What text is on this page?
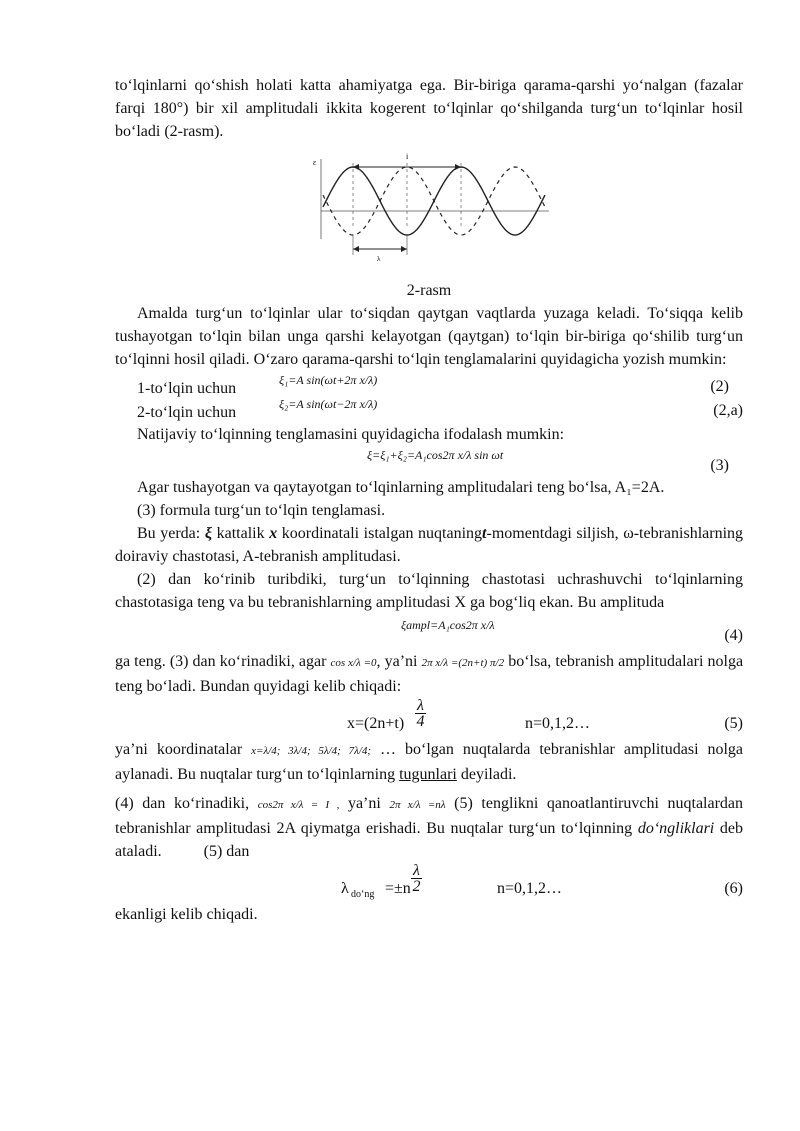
to‘lqinlarni qo‘shish holati katta ahamiyatga ega. Bir-biriga qarama-qarshi yo‘nalgan (fazalar farqi 180°) bir xil amplitudali ikkita kogerent to‘lqinlar qo‘shilganda turg‘un to‘lqinlar hosil bo‘ladi (2-rasm).

i
ε
λ
2-rasm

Amalda turg‘un to‘lqinlar ular to‘siqdan qaytgan vaqtlarda yuzaga keladi. To‘siqqa kelib tushayotgan to‘lqin bilan unga qarshi kelayotgan (qaytgan) to‘lqin bir-biriga qo‘shilib turg‘un to‘lqinni hosil qiladi. O‘zaro qarama-qarshi to‘lqin tenglamalarini quyidagicha yozish mumkin:

1-to‘lqin uchun	ξ₁=A sin(ωt+2π x/λ)	(2)
2-to‘lqin uchun	ξ₂=A sin(ωt−2π x/λ)	(2,a)

Natijaviy to‘lqinning tenglamasini quyidagicha ifodalash mumkin:

ξ=ξ₁+ξ₂=A₁cos2π x/λ sin ωt
(3)

Agar tushayotgan va qaytayotgan to‘lqinlarning amplitudalari teng bo‘lsa, A₁=2A.

(3) formula turg‘un to‘lqin tenglamasi.

Bu yerda: ξ kattalik x koordinatali istalgan nuqtaningt-momentdagi siljish, ω-tebranishlarning doiraviy chastotasi, A-tebranish amplitudasi.

(2) dan ko‘rinib turibdiki, turg‘un to‘lqinning chastotasi uchrashuvchi to‘lqinlarning chastotasiga teng va bu tebranishlarning amplitudasi X ga bog‘liq ekan. Bu amplituda

ξampl=A₁cos2π x/λ
(4)

ga teng. (3) dan ko‘rinadiki, agar cos x/λ =0, ya’ni 2π x/λ =(2n+t) π/2 bo‘lsa, tebranish amplitudalari nolga teng bo‘ladi. Bundan quyidagi kelib chiqadi:

$x=(2n+t) \frac{\lambda}{4}$	n=0,1,2…	(5)

ya’ni koordinatalar x=λ/4; 3λ/4; 5λ/4; 7λ/4; … bo‘lgan nuqtalarda tebranishlar amplitudasi nolga aylanadi. Bu nuqtalar turg‘un to‘lqinlarning tugunlari deyiladi.

(4) dan ko‘rinadiki, cos2π x/λ = I , ya’ni 2π x/λ =nλ (5) tenglikni qanoatlantiruvchi nuqtalardan tebranishlar amplitudasi 2A qiymatga erishadi. Bu nuqtalar turg‘un to‘lqinning do‘ngliklari deb ataladi.	(5) dan

λ do‘ng $=\pm n \frac{\lambda}{2}$	n=0,1,2…	(6)

ekanligi kelib chiqadi.
